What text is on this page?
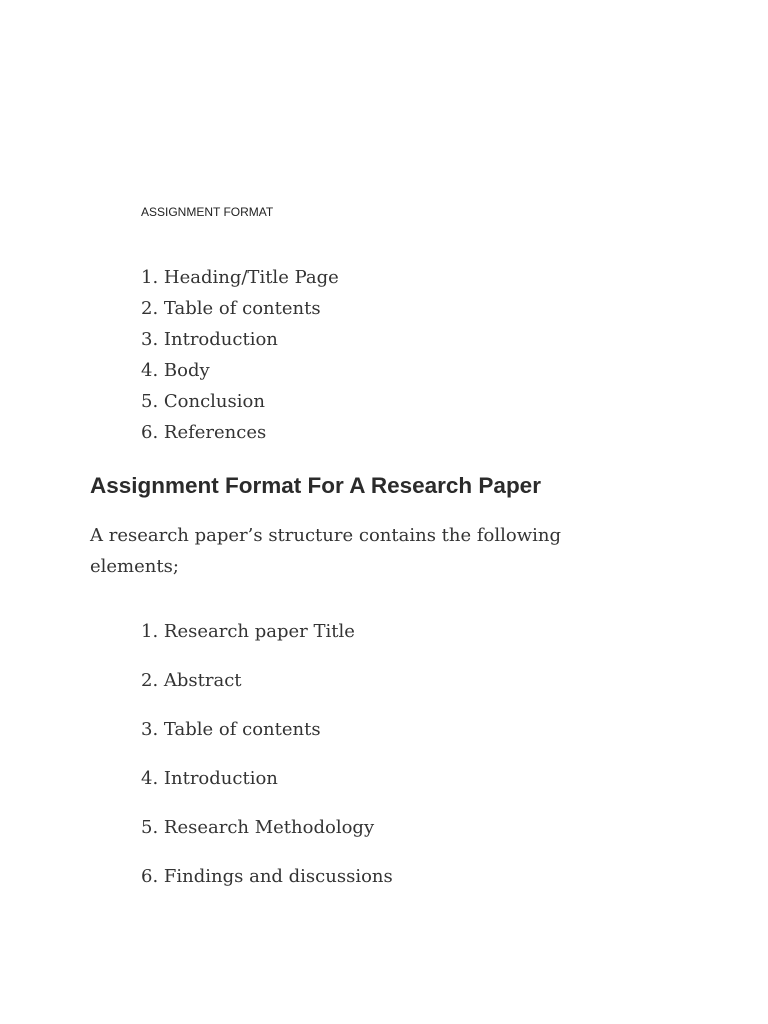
ASSIGNMENT FORMAT

1. Heading/Title Page
2. Table of contents
3. Introduction
4. Body
5. Conclusion
6. References
Assignment Format For A Research Paper

A research paper’s structure contains the following elements;

1. Research paper Title
2. Abstract
3. Table of contents
4. Introduction
5. Research Methodology
6. Findings and discussions
